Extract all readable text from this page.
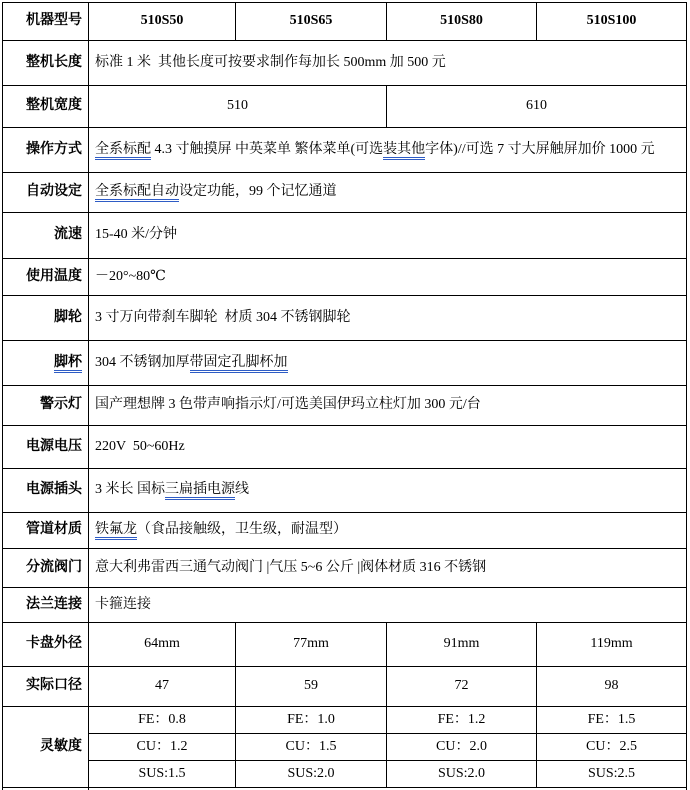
机器型号	510S50	510S65	510S80	510S100
整机长度	标准 1 米  其他长度可按要求制作每加长 500mm 加 500 元			
整机宽度	510		610	
操作方式	全系标配 4.3 寸触摸屏 中英菜单 繁体菜单(可选装其他字体)//可选 7 寸大屏触屏加价 1000 元			
自动设定	全系标配自动设定功能，99 个记忆通道			
流速	15-40 米/分钟			
使用温度	－20°~80℃			
脚轮	3 寸万向带刹车脚轮  材质 304 不锈钢脚轮			
脚杯	304 不锈钢加厚带固定孔脚杯加			
警示灯	国产理想牌 3 色带声响指示灯/可选美国伊玛立柱灯加 300 元/台			
电源电压	220V  50~60Hz			
电源插头	3 米长 国标三扁插电源线			
管道材质	铁氟龙（食品接触级，卫生级，耐温型）			
分流阀门	意大利弗雷西三通气动阀门 |气压 5~6 公斤 |阀体材质 316 不锈钢			
法兰连接	卡箍连接			
卡盘外径	64mm	77mm	91mm	119mm
实际口径	47	59	72	98
灵敏度	FE：0.8	FE：1.0	FE：1.2	FE：1.5
	CU：1.2	CU：1.5	CU：2.0	CU：2.5
	SUS:1.5	SUS:2.0	SUS:2.0	SUS:2.5
